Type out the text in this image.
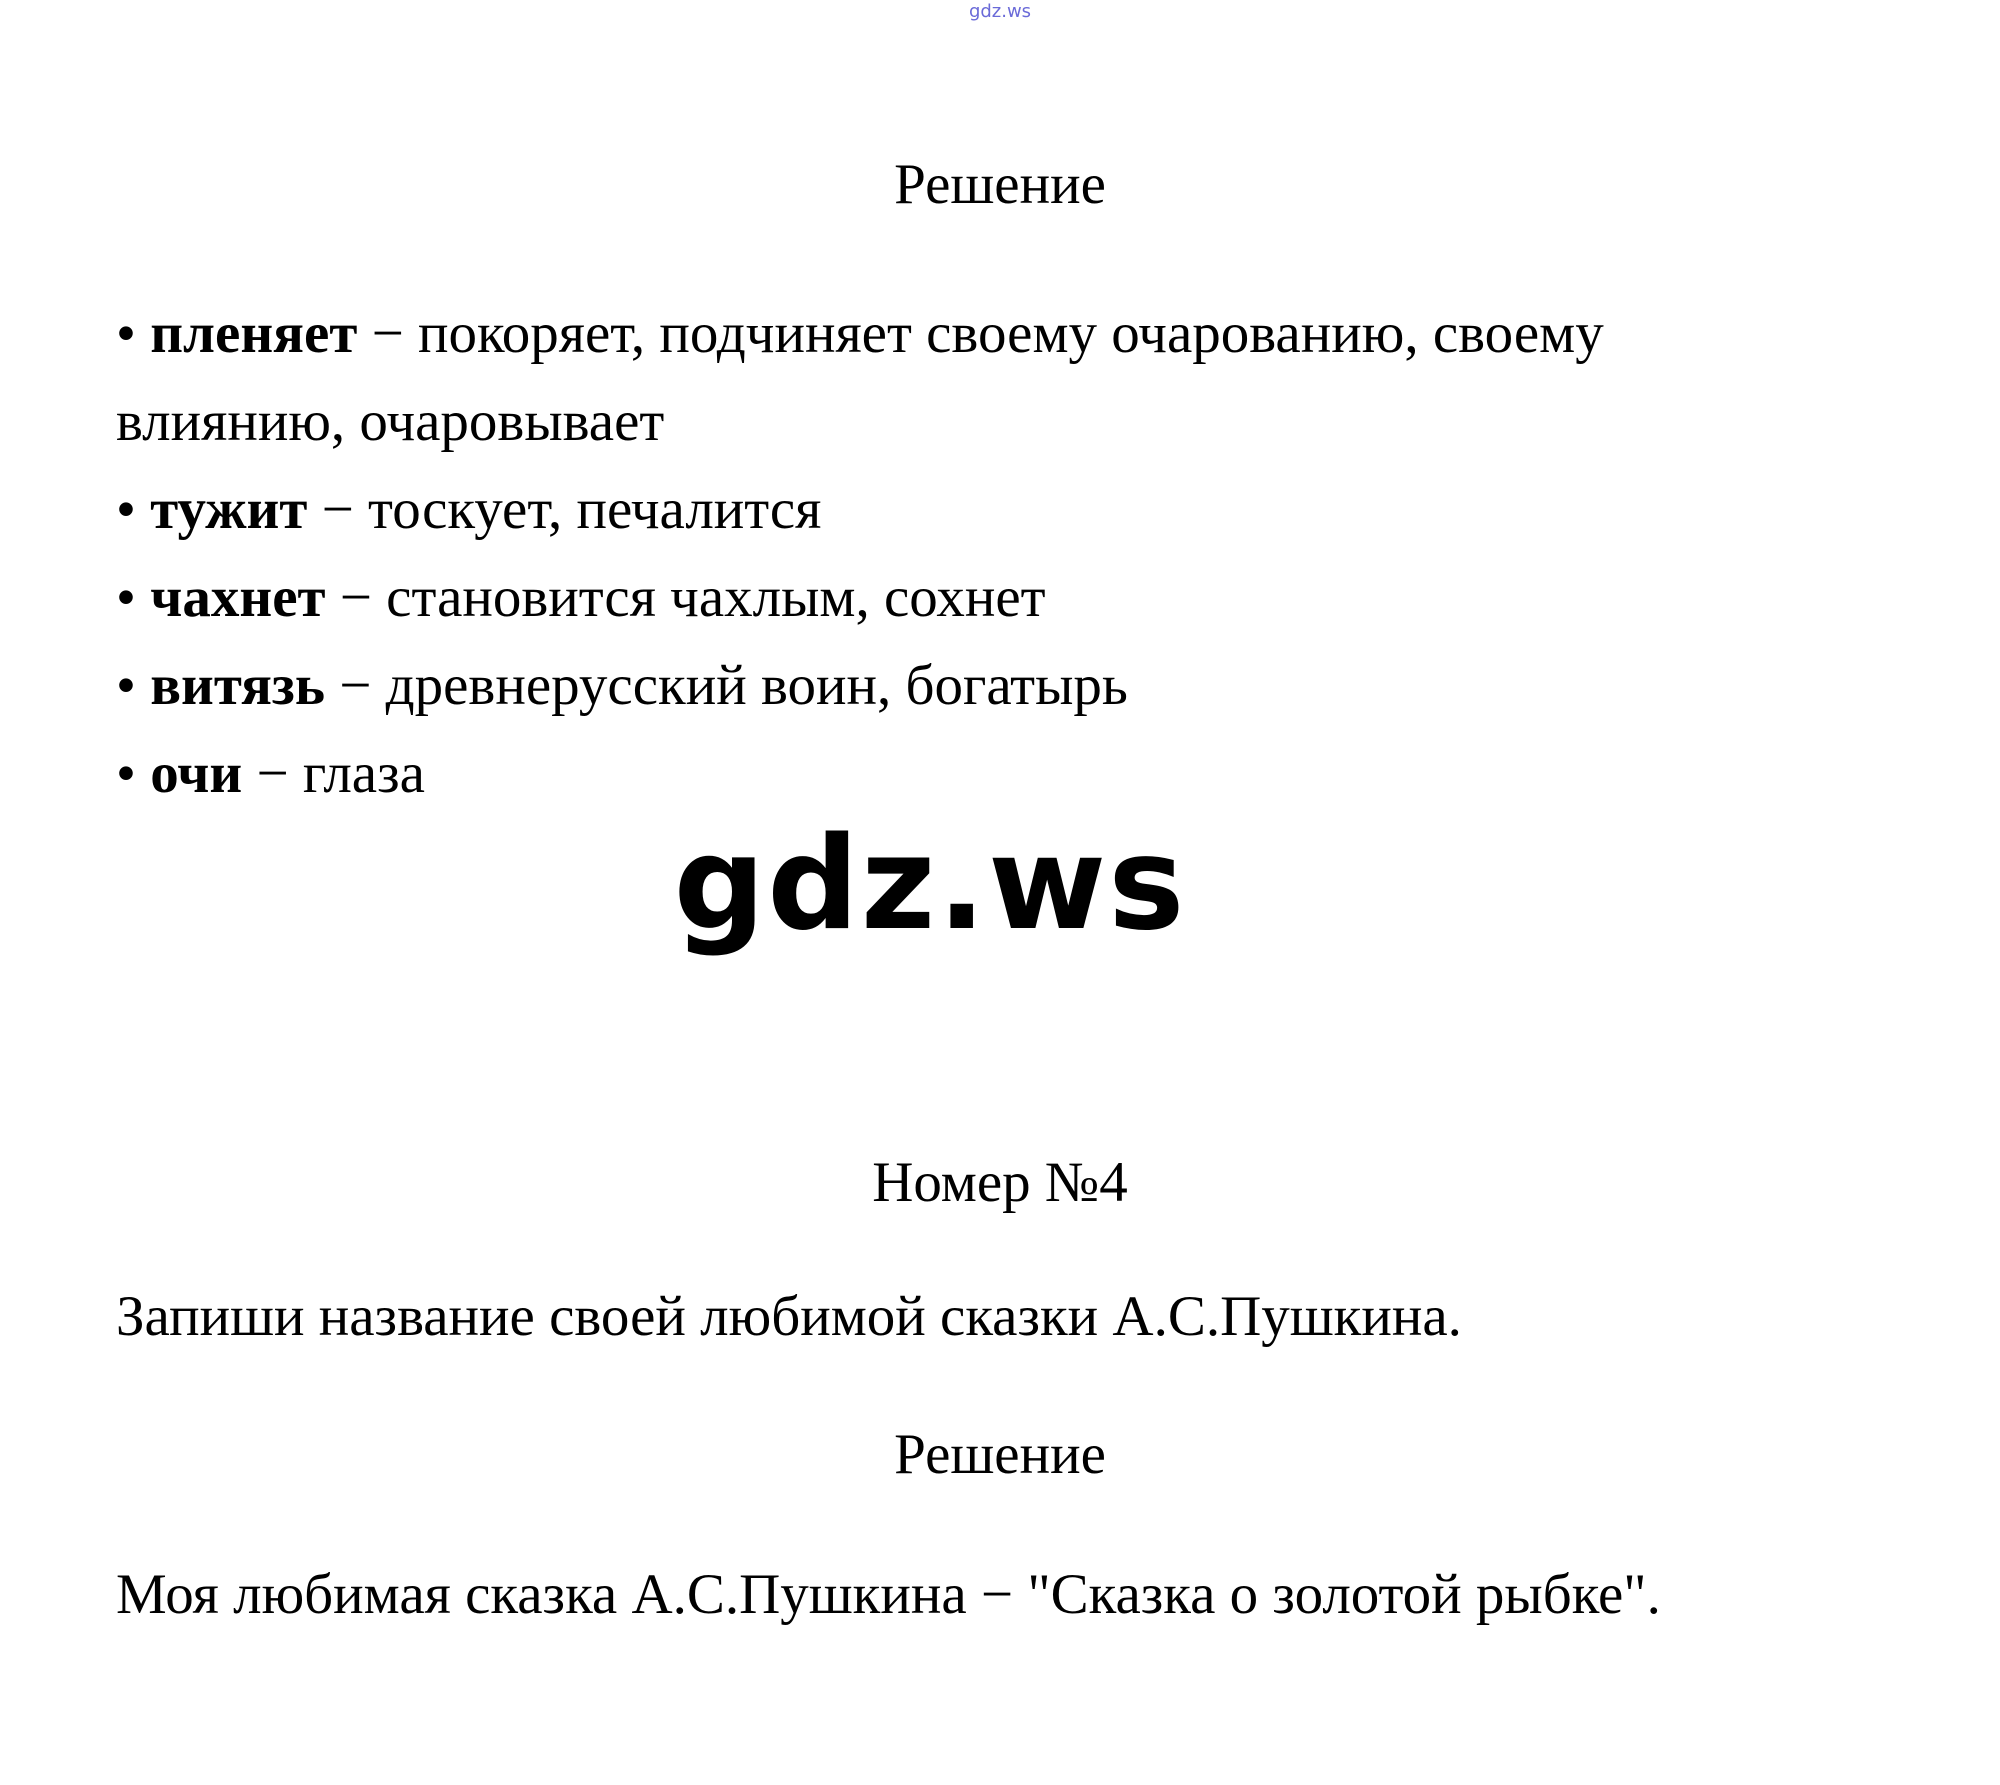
gdz.ws
Решение
• пленяет − покоряет, подчиняет своему очарованию, своему влиянию, очаровывает
• тужит − тоскует, печалится
• чахнет − становится чахлым, сохнет
• витязь − древнерусский воин, богатырь
• очи − глаза
gdz.ws
Номер №4
Запиши название своей любимой сказки А.С.Пушкина.
Решение
Моя любимая сказка А.С.Пушкина − "Сказка о золотой рыбке".
